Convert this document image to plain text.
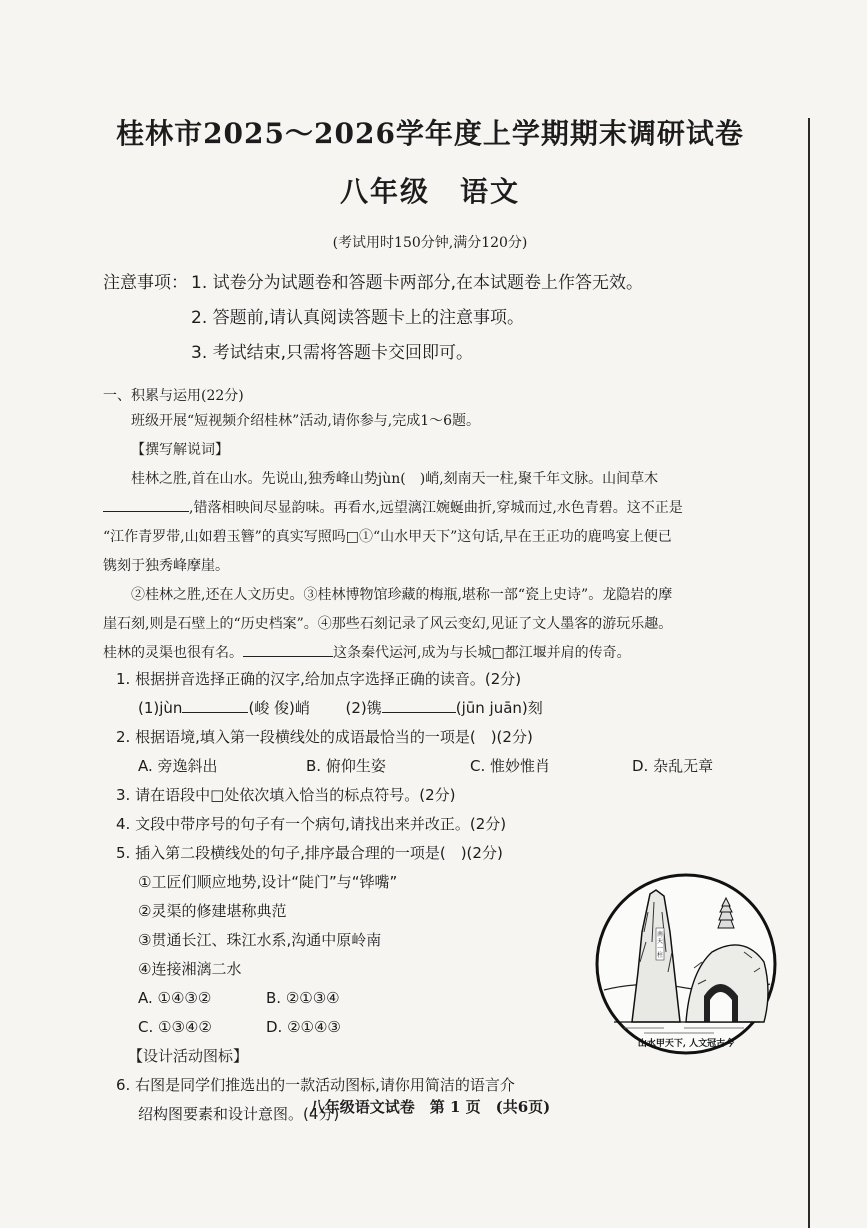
桂林市2025～2026学年度上学期期末调研试卷
八年级　语文
(考试用时150分钟,满分120分)
注意事项： 1. 试卷分为试题卷和答题卡两部分,在本试题卷上作答无效。
2. 答题前,请认真阅读答题卡上的注意事项。
3. 考试结束,只需将答题卡交回即可。
一、积累与运用(22分)

班级开展“短视频介绍桂林”活动,请你参与,完成1～6题。

【撰写解说词】

桂林之胜,首在山水。先说山,独秀峰山势jùn(　)峭,刻南天一柱,聚千年文脉。山间草木

,错落相映间尽显韵味。再看水,远望漓江婉蜒曲折,穿城而过,水色青碧。这不正是
“江作青罗带,山如碧玉簪”的真实写照吗□①“山水甲天下”这句话,早在王正功的鹿鸣宴上便已
镌刻于独秀峰摩崖。

②桂林之胜,还在人文历史。③桂林博物馆珍藏的梅瓶,堪称一部“瓷上史诗”。龙隐岩的摩

崖石刻,则是石壁上的“历史档案”。④那些石刻记录了风云变幻,见证了文人墨客的游玩乐趣。
桂林的灵渠也很有名。	这条秦代运河,成为与长城□都江堰并肩的传奇。
1. 根据拼音选择正确的汉字,给加点字选择正确的读音。(2分)
(1)jùn	(峻 俊)峭 (2)镌	(jūn juān)刻
2. 根据语境,填入第一段横线处的成语最恰当的一项是(　)(2分)
A. 旁逸斜出	B. 俯仰生姿	C. 惟妙惟肖	D. 杂乱无章
3. 请在语段中□处依次填入恰当的标点符号。(2分)
4. 文段中带序号的句子有一个病句,请找出来并改正。(2分)
5. 插入第二段横线处的句子,排序最合理的一项是(　)(2分)
①工匠们顺应地势,设计“陡门”与“铧嘴”
②灵渠的修建堪称典范
③贯通长江、珠江水系,沟通中原岭南
④连接湘漓二水
A. ①④③②	B. ②①③④
C. ①③④②	D. ②①④③
【设计活动图标】
6. 右图是同学们推选出的一款活动图标,请你用简洁的语言介
绍构图要素和设计意图。(4分)
南天一柱
山水甲天下, 人文冠古今
八年级语文试卷　第 1 页　(共6页)
